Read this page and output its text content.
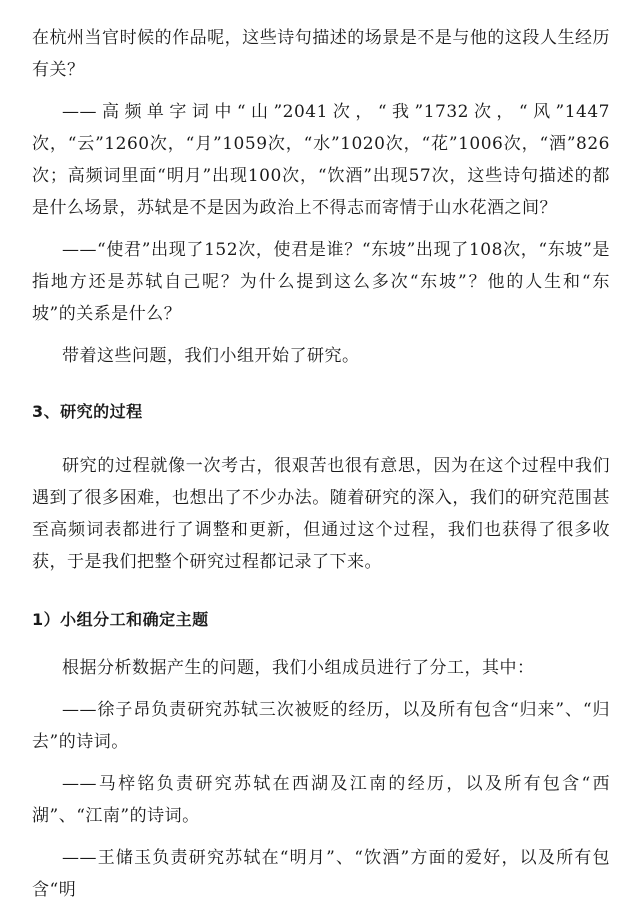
在杭州当官时候的作品呢，这些诗句描述的场景是不是与他的这段人生经历有关？

——高频单字词中“山”2041次，“我”1732次，“风”1447次，“云”1260次，“月”1059次，“水”1020次，“花”1006次，“酒”826次；高频词里面“明月”出现100次，“饮酒”出现57次，这些诗句描述的都是什么场景，苏轼是不是因为政治上不得志而寄情于山水花酒之间？

——“使君”出现了152次，使君是谁？“东坡”出现了108次，“东坡”是指地方还是苏轼自己呢？为什么提到这么多次“东坡”？他的人生和“东坡”的关系是什么？

带着这些问题，我们小组开始了研究。

3、研究的过程

研究的过程就像一次考古，很艰苦也很有意思，因为在这个过程中我们遇到了很多困难，也想出了不少办法。随着研究的深入，我们的研究范围甚至高频词表都进行了调整和更新，但通过这个过程，我们也获得了很多收获，于是我们把整个研究过程都记录了下来。

1）小组分工和确定主题

根据分析数据产生的问题，我们小组成员进行了分工，其中：

——徐子昂负责研究苏轼三次被贬的经历，以及所有包含“归来”、“归去”的诗词。

——马梓铭负责研究苏轼在西湖及江南的经历，以及所有包含“西湖”、“江南”的诗词。

——王储玉负责研究苏轼在“明月”、“饮酒”方面的爱好，以及所有包含“明
